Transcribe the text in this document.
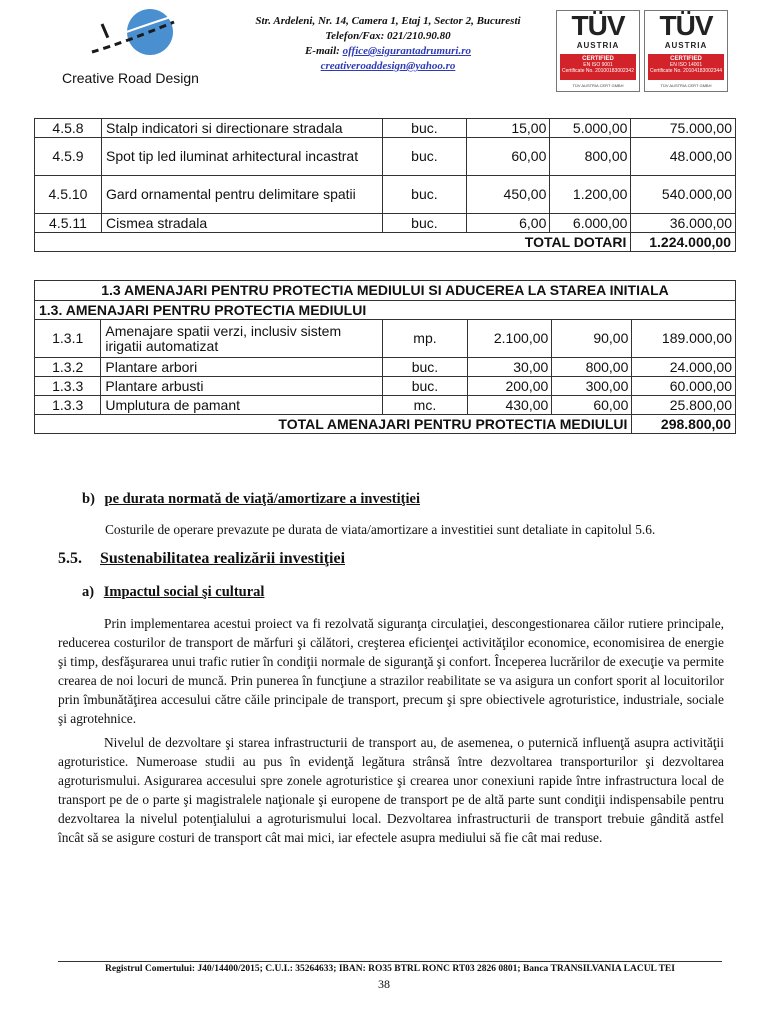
Creative Road Design
Str. Ardeleni, Nr. 14, Camera 1, Etaj 1, Sector 2, Bucuresti
Telefon/Fax: 021/210.90.80
E-mail: office@sigurantadrumuri.ro
creativeroaddesign@yahoo.ro
TÜV
AUSTRIA
CERTIFIED
EN ISO 9001
Certificate No. 20100183002342
TÜV AUSTRIA CERT GMBH
TÜV
AUSTRIA
CERTIFIED
EN ISO 14001
Certificate No. 20104183002344
TÜV AUSTRIA CERT GMBH
4.5.8	Stalp indicatori si directionare stradala	buc.	15,00	5.000,00	75.000,00
4.5.9	Spot tip led iluminat arhitectural incastrat	buc.	60,00	800,00	48.000,00
4.5.10	Gard ornamental pentru delimitare spatii	buc.	450,00	1.200,00	540.000,00
4.5.11	Cismea stradala	buc.	6,00	6.000,00	36.000,00
TOTAL DOTARI					1.224.000,00
1.3 AMENAJARI PENTRU PROTECTIA MEDIULUI SI ADUCEREA LA STAREA INITIALA					
1.3. AMENAJARI PENTRU PROTECTIA MEDIULUI					
1.3.1	Amenajare spatii verzi, inclusiv sistem irigatii automatizat	mp.	2.100,00	90,00	189.000,00
1.3.2	Plantare arbori	buc.	30,00	800,00	24.000,00
1.3.3	Plantare arbusti	buc.	200,00	300,00	60.000,00
1.3.3	Umplutura de pamant	mc.	430,00	60,00	25.800,00
TOTAL AMENAJARI PENTRU PROTECTIA MEDIULUI					298.800,00
b) pe durata normată de viaţă/amortizare a investiţiei
Costurile de operare prevazute pe durata de viata/amortizare a investitiei sunt detaliate in capitolul 5.6.
5.5. Sustenabilitatea realizării investiţiei
a) Impactul social şi cultural

Prin implementarea acestui proiect va fi rezolvată siguranţa circulaţiei, descongestionarea căilor rutiere principale, reducerea costurilor de transport de mărfuri şi călători, creşterea eficienţei activităţilor economice, economisirea de energie şi timp, desfăşurarea unui trafic rutier în condiţii normale de siguranţă şi confort. Începerea lucrărilor de execuţie va permite crearea de noi locuri de muncă. Prin punerea în funcţiune a strazilor reabilitate se va asigura un confort sporit al locuitorilor prin îmbunătăţirea accesului către căile principale de transport, precum şi spre obiectivele agroturistice, industriale, sociale şi agrotehnice.

Nivelul de dezvoltare şi starea infrastructurii de transport au, de asemenea, o puternică influenţă asupra activităţii agroturistice. Numeroase studii au pus în evidenţă legătura strânsă între dezvoltarea transporturilor şi dezvoltarea agroturismului. Asigurarea accesului spre zonele agroturistice şi crearea unor conexiuni rapide între infrastructura local de transport pe de o parte şi magistralele naţionale şi europene de transport pe de altă parte sunt condiţii indispensabile pentru dezvoltarea la nivelul potenţialului a agroturismului local. Dezvoltarea infrastructurii de transport trebuie gândită astfel încât să se asigure costuri de transport cât mai mici, iar efectele asupra mediului să fie cât mai reduse.

Registrul Comertului: J40/14400/2015; C.U.I.: 35264633; IBAN: RO35 BTRL RONC RT03 2826 0801; Banca TRANSILVANIA LACUL TEI
38
